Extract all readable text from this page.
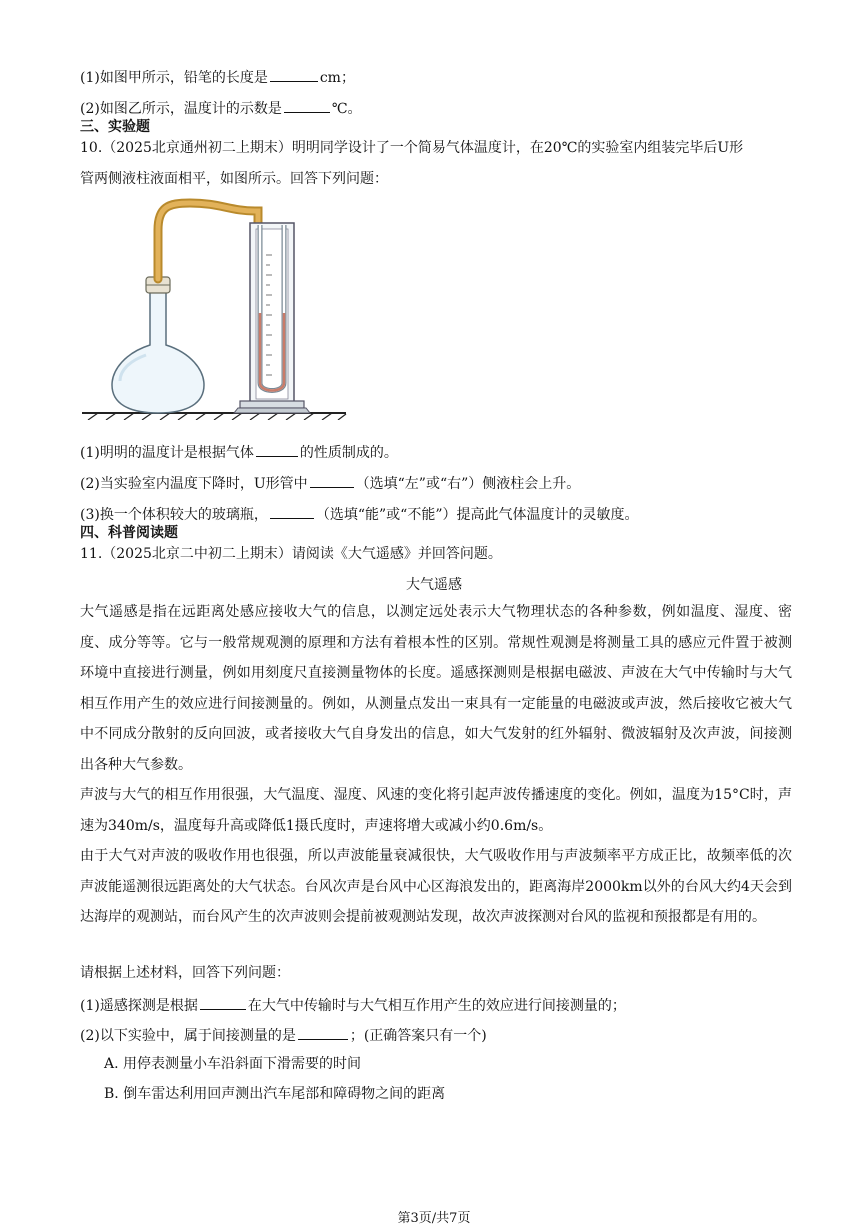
(1)如图甲所示，铅笔的长度是	cm；
(2)如图乙所示，温度计的示数是	℃。
三、实验题
10.（2025北京通州初二上期末）明明同学设计了一个简易气体温度计，在20℃的实验室内组装完毕后U形
管两侧液柱液面相平，如图所示。回答下列问题：
(1)明明的温度计是根据气体	的性质制成的。
(2)当实验室内温度下降时，U形管中	（选填“左”或“右”）侧液柱会上升。
(3)换一个体积较大的玻璃瓶，	（选填“能”或“不能”）提高此气体温度计的灵敏度。
四、科普阅读题
11.（2025北京二中初二上期末）请阅读《大气遥感》并回答问题。
大气遥感
大气遥感是指在远距离处感应接收大气的信息，以测定远处表示大气物理状态的各种参数，例如温度、湿度、密度、成分等等。它与一般常规观测的原理和方法有着根本性的区别。常规性观测是将测量工具的感应元件置于被测环境中直接进行测量，例如用刻度尺直接测量物体的长度。遥感探测则是根据电磁波、声波在大气中传输时与大气相互作用产生的效应进行间接测量的。例如，从测量点发出一束具有一定能量的电磁波或声波，然后接收它被大气中不同成分散射的反向回波，或者接收大气自身发出的信息，如大气发射的红外辐射、微波辐射及次声波，间接测出各种大气参数。
声波与大气的相互作用很强，大气温度、湿度、风速的变化将引起声波传播速度的变化。例如，温度为15°C时，声速为340m/s，温度每升高或降低1摄氏度时，声速将增大或减小约0.6m/s。
由于大气对声波的吸收作用也很强，所以声波能量衰减很快，大气吸收作用与声波频率平方成正比，故频率低的次声波能遥测很远距离处的大气状态。台风次声是台风中心区海浪发出的，距离海岸2000km以外的台风大约4天会到达海岸的观测站，而台风产生的次声波则会提前被观测站发现，故次声波探测对台风的监视和预报都是有用的。
请根据上述材料，回答下列问题：
(1)遥感探测是根据	在大气中传输时与大气相互作用产生的效应进行间接测量的；
(2)以下实验中，属于间接测量的是	；(正确答案只有一个)
A. 用停表测量小车沿斜面下滑需要的时间
B. 倒车雷达利用回声测出汽车尾部和障碍物之间的距离
第3页/共7页
